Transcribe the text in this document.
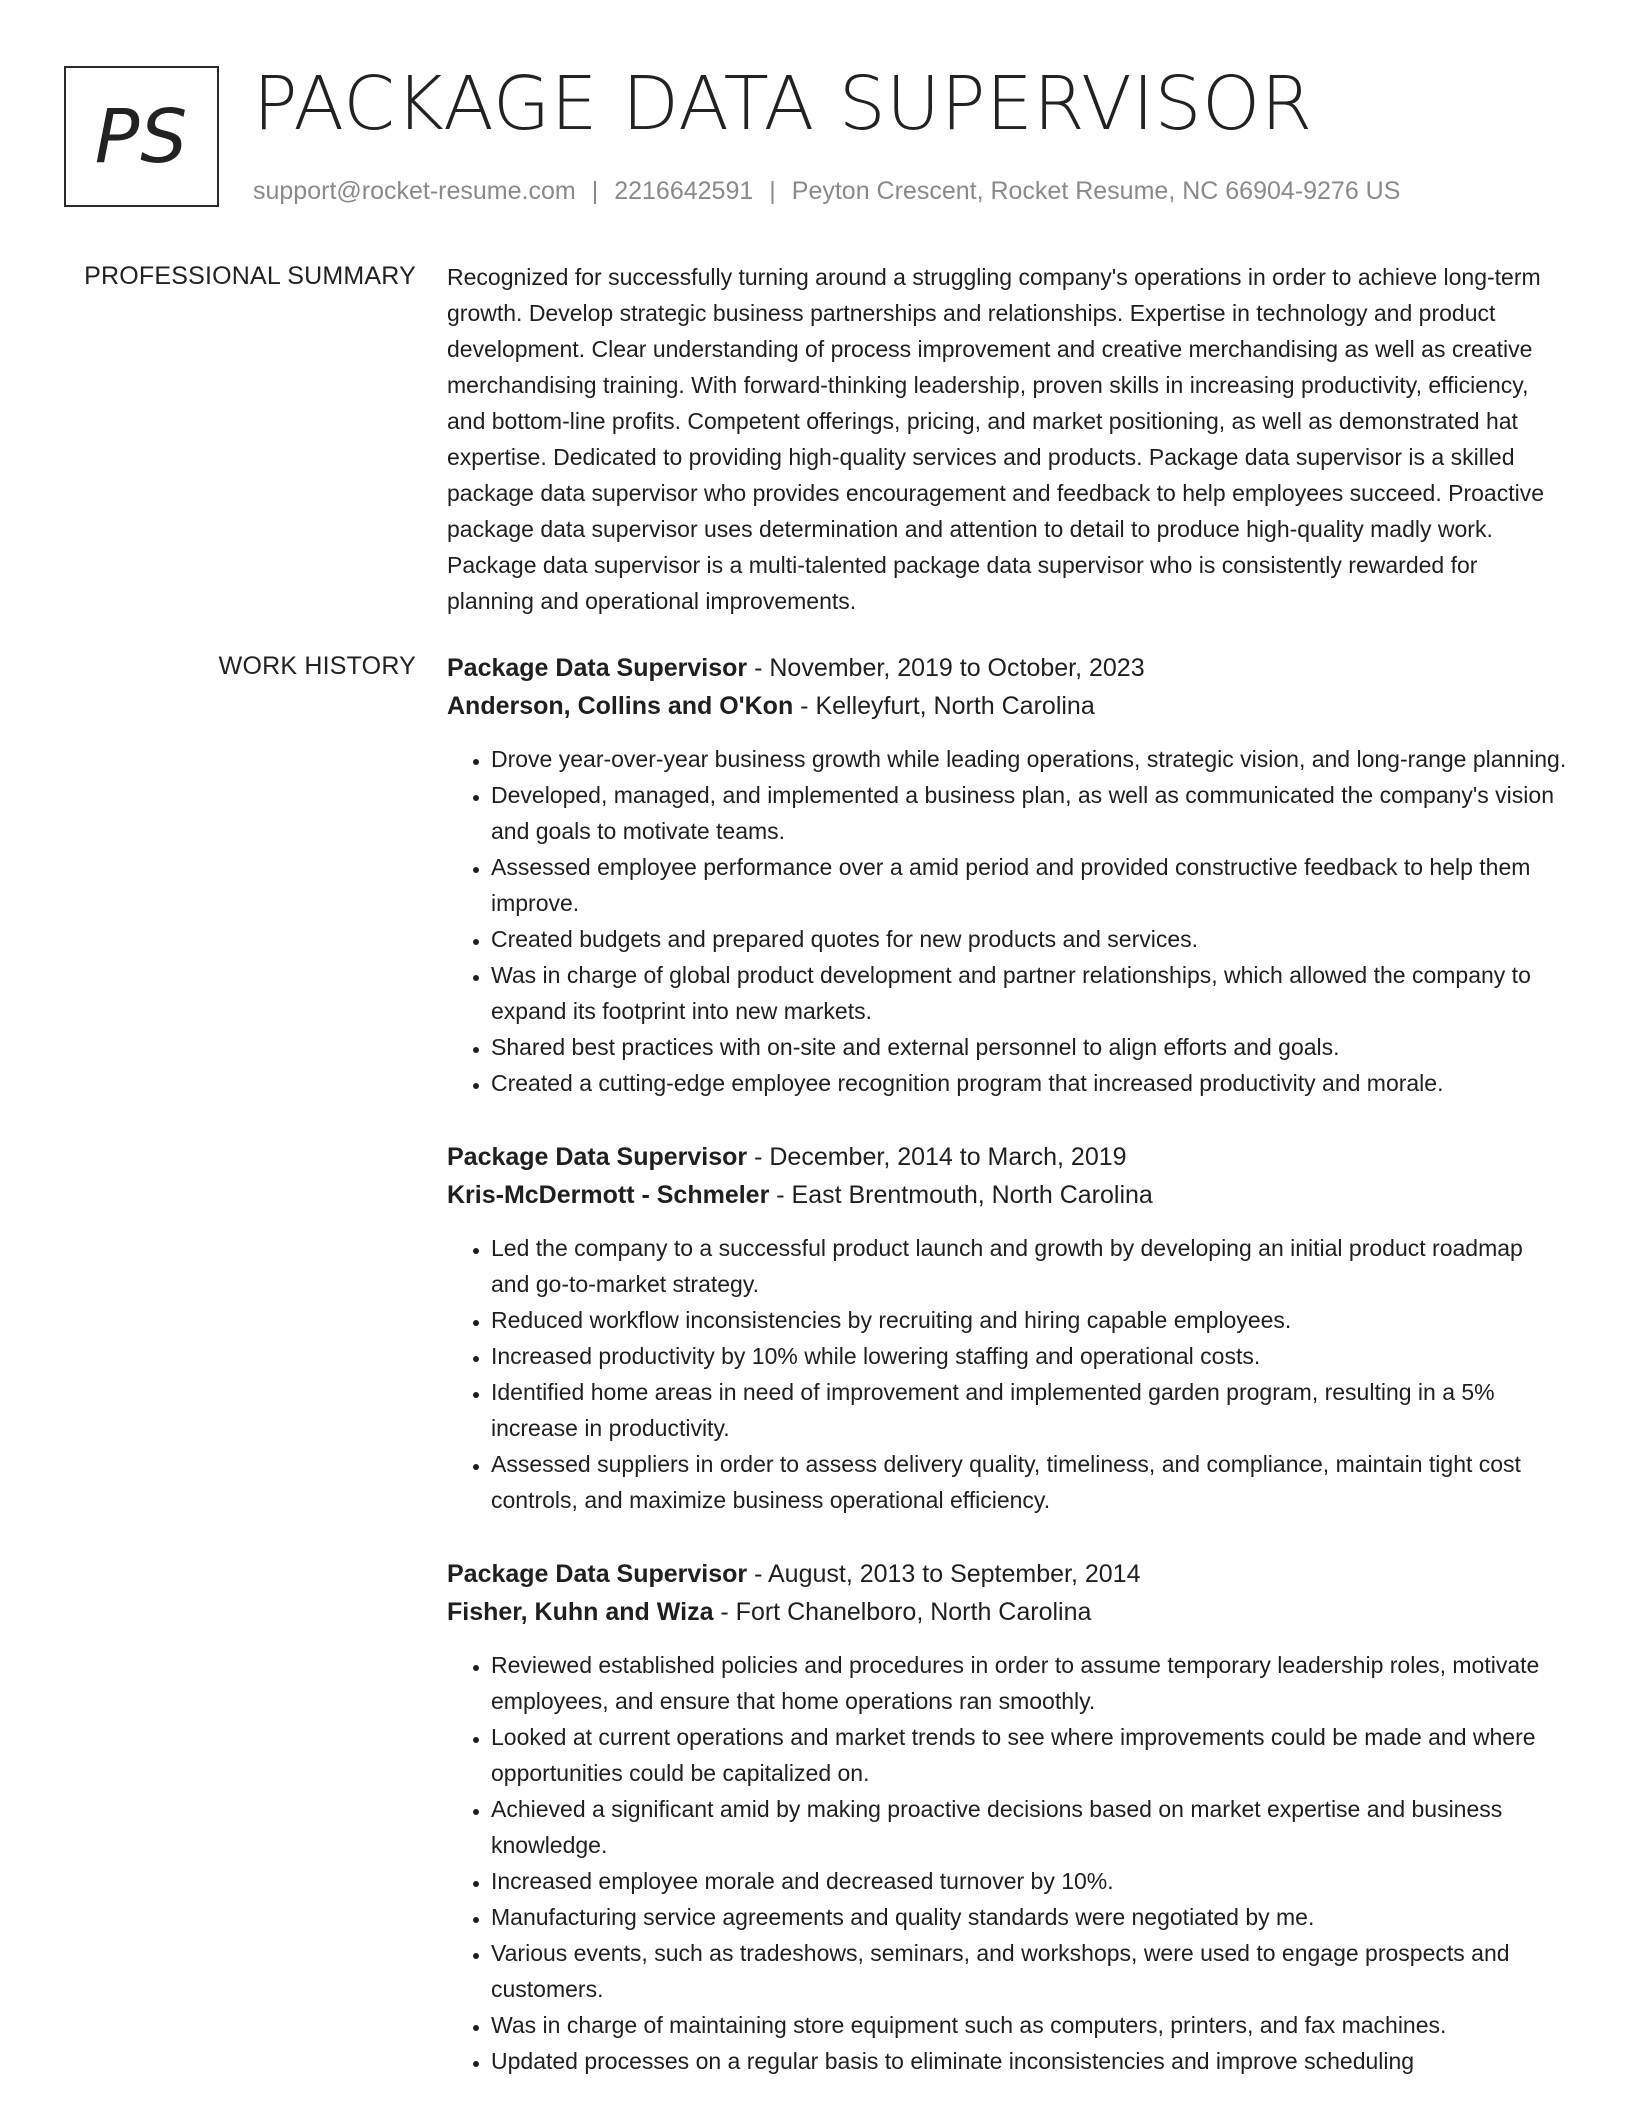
PS PACKAGE DATA SUPERVISOR
support@rocket-resume.com | 2216642591 | Peyton Crescent, Rocket Resume, NC 66904-9276 US
PROFESSIONAL SUMMARY Recognized for successfully turning around a struggling company's operations in order to achieve long-term growth. Develop strategic business partnerships and relationships. Expertise in technology and product development. Clear understanding of process improvement and creative merchandising as well as creative merchandising training. With forward-thinking leadership, proven skills in increasing productivity, efficiency, and bottom-line profits. Competent offerings, pricing, and market positioning, as well as demonstrated hat expertise. Dedicated to providing high-quality services and products. Package data supervisor is a skilled package data supervisor who provides encouragement and feedback to help employees succeed. Proactive package data supervisor uses determination and attention to detail to produce high-quality madly work. Package data supervisor is a multi-talented package data supervisor who is consistently rewarded for planning and operational improvements.

WORK HISTORY Package Data Supervisor - November, 2019 to October, 2023
Anderson, Collins and O'Kon - Kelleyfurt, North Carolina
• Drove year-over-year business growth while leading operations, strategic vision, and long-range planning.
• Developed, managed, and implemented a business plan, as well as communicated the company's vision and goals to motivate teams.
• Assessed employee performance over a amid period and provided constructive feedback to help them improve.
• Created budgets and prepared quotes for new products and services.
• Was in charge of global product development and partner relationships, which allowed the company to expand its footprint into new markets.
• Shared best practices with on-site and external personnel to align efforts and goals.
• Created a cutting-edge employee recognition program that increased productivity and morale.
Package Data Supervisor - December, 2014 to March, 2019
Kris-McDermott - Schmeler - East Brentmouth, North Carolina
• Led the company to a successful product launch and growth by developing an initial product roadmap and go-to-market strategy.
• Reduced workflow inconsistencies by recruiting and hiring capable employees.
• Increased productivity by 10% while lowering staffing and operational costs.
• Identified home areas in need of improvement and implemented garden program, resulting in a 5% increase in productivity.
• Assessed suppliers in order to assess delivery quality, timeliness, and compliance, maintain tight cost controls, and maximize business operational efficiency.
Package Data Supervisor - August, 2013 to September, 2014
Fisher, Kuhn and Wiza - Fort Chanelboro, North Carolina
• Reviewed established policies and procedures in order to assume temporary leadership roles, motivate employees, and ensure that home operations ran smoothly.
• Looked at current operations and market trends to see where improvements could be made and where opportunities could be capitalized on.
• Achieved a significant amid by making proactive decisions based on market expertise and business knowledge.
• Increased employee morale and decreased turnover by 10%.
• Manufacturing service agreements and quality standards were negotiated by me.
• Various events, such as tradeshows, seminars, and workshops, were used to engage prospects and customers.
• Was in charge of maintaining store equipment such as computers, printers, and fax machines.
• Updated processes on a regular basis to eliminate inconsistencies and improve scheduling
